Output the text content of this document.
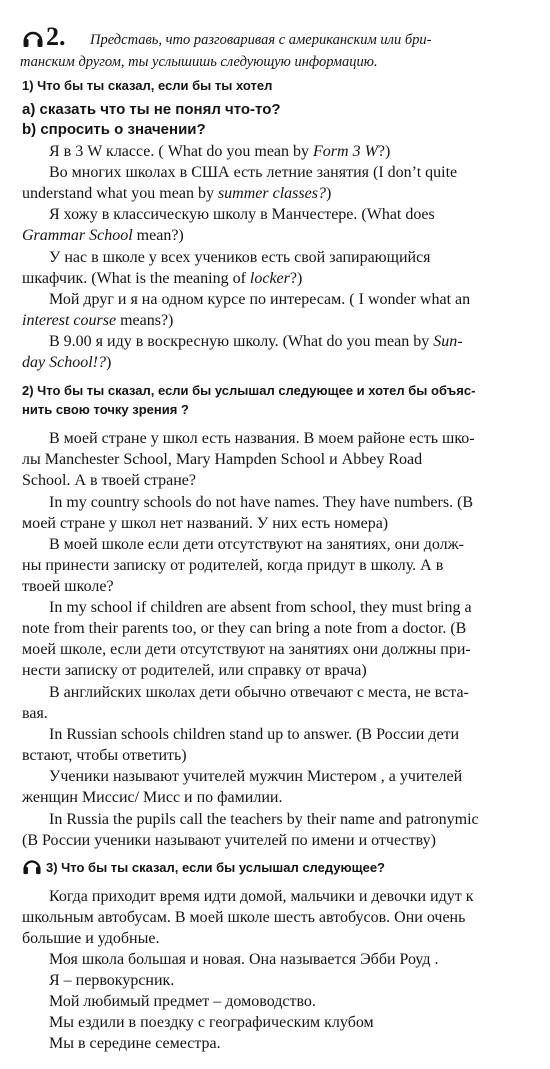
2. Представь, что разговаривая с американским или бри-
танским другом, ты услышишь следующую информацию.
1) Что бы ты сказал, если бы ты хотел
а) сказать что ты не понял что-то?
b) спросить о значении?
Я в 3 W классе. ( What do you mean by Form 3 W?)
Во многих школах в США есть летние занятия (I don’t quite
understand what you mean by summer classes?)
Я хожу в классическую школу в Манчестере. (What does
Grammar School mean?)
У нас в школе у всех учеников есть свой запирающийся
шкафчик. (What is the meaning of locker?)
Мой друг и я на одном курсе по интересам. ( I wonder what an
interest course means?)
В 9.00 я иду в воскресную школу. (What do you mean by Sun-
day School!?)
2) Что бы ты сказал, если бы услышал следующее и хотел бы объяс-
нить свою точку зрения ?
В моей стране у школ есть названия. В моем районе есть шко-
лы Manchester School, Mary Hampden School и Abbey Road
School. А в твоей стране?
In my country schools do not have names. They have numbers. (В
моей стране у школ нет названий. У них есть номера)
В моей школе если дети отсутствуют на занятиях, они долж-
ны принести записку от родителей, когда придут в школу. А в
твоей школе?
In my school if children are absent from school, they must bring a
note from their parents too, or they can bring a note from a doctor. (В
моей школе, если дети отсутствуют на занятиях они должны при-
нести записку от родителей, или справку от врача)
В английских школах дети обычно отвечают с места, не вста-
вая.
In Russian schools children stand up to answer. (В России дети
встают, чтобы ответить)
Ученики называют учителей мужчин Мистером , а учителей
женщин Миссис/ Мисс и по фамилии.
In Russia the pupils call the teachers by their name and patronymic
(В России ученики называют учителей по имени и отчеству)
3) Что бы ты сказал, если бы услышал следующее?
Когда приходит время идти домой, мальчики и девочки идут к
школьным автобусам. В моей школе шесть автобусов. Они очень
большие и удобные.
Моя школа большая и новая. Она называется Эбби Роуд .
Я – первокурсник.
Мой любимый предмет – домоводство.
Мы ездили в поездку с географическим клубом
Мы в середине семестра.
